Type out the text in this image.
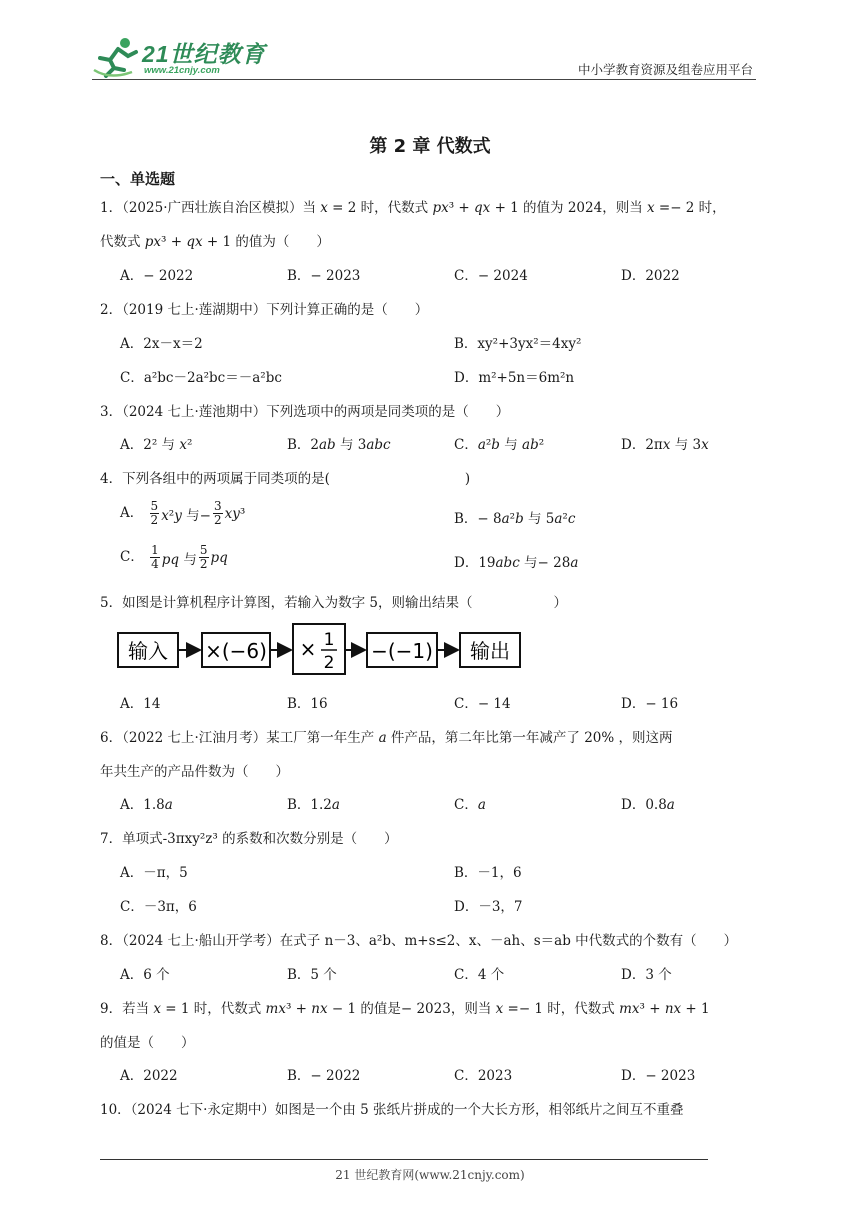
21世纪教育
www.21cnjy.com	中小学教育资源及组卷应用平台
第 2 章 代数式
一、单选题
1．（2025·广西壮族自治区模拟）当 𝑥 = 2 时，代数式 𝑝𝑥³ + 𝑞𝑥 + 1 的值为 2024，则当 𝑥 =− 2 时，
代数式 𝑝𝑥³ + 𝑞𝑥 + 1 的值为（　　）
A．− 2022	B．− 2023	C．− 2024	D．2022
2．（2019 七上·莲湖期中）下列计算正确的是（　　）
A．2x－x＝2	B．xy²+3yx²＝4xy²
C．a²bc－2a²bc＝－a²bc	D．m²+5n＝6m²n
3．（2024 七上·莲池期中）下列选项中的两项是同类项的是（　　）
A．2² 与 𝑥²	B．2𝑎𝑏 与 3𝑎𝑏𝑐	C．𝑎²𝑏 与 𝑎𝑏²	D．2π𝑥 与 3𝑥
4．下列各组中的两项属于同类项的是(　　　　　　　　　　)
A． $\frac{5}{2}$ 𝑥²𝑦 与− $\frac{3}{2}$ 𝑥𝑦³	B．− 8𝑎²𝑏 与 5𝑎²𝑐
C． $\frac{1}{4}$ 𝑝𝑞 与 $\frac{5}{2}$ 𝑝𝑞	D．19𝑎𝑏𝑐 与− 28𝑎
5．如图是计算机程序计算图，若输入为数字 5，则输出结果（　　　　　　）
输入 ×(−6) × 1
2 −(−1) 输出
A．14	B．16	C．− 14	D．− 16
6．（2022 七上·江油月考）某工厂第一年生产 𝑎 件产品，第二年比第一年减产了 20% ，则这两
年共生产的产品件数为（　　）
A．1.8𝑎	B．1.2𝑎	C．𝑎	D．0.8𝑎
7．单项式-3πxy²z³ 的系数和次数分别是（　　）
A．－π，5	B．－1，6
C．－3π，6	D．－3，7
8．（2024 七上·船山开学考）在式子 n－3、a²b、m+s≤2、x、－ah、s＝ab 中代数式的个数有（　　）
A．6 个	B．5 个	C．4 个	D．3 个
9．若当 𝑥 = 1 时，代数式 𝑚𝑥³ + 𝑛𝑥 − 1 的值是− 2023，则当 𝑥 =− 1 时，代数式 𝑚𝑥³ + 𝑛𝑥 + 1
的值是（　　）
A．2022	B．− 2022	C．2023	D．− 2023
10．（2024 七下·永定期中）如图是一个由 5 张纸片拼成的一个大长方形，相邻纸片之间互不重叠
21 世纪教育网(www.21cnjy.com)
